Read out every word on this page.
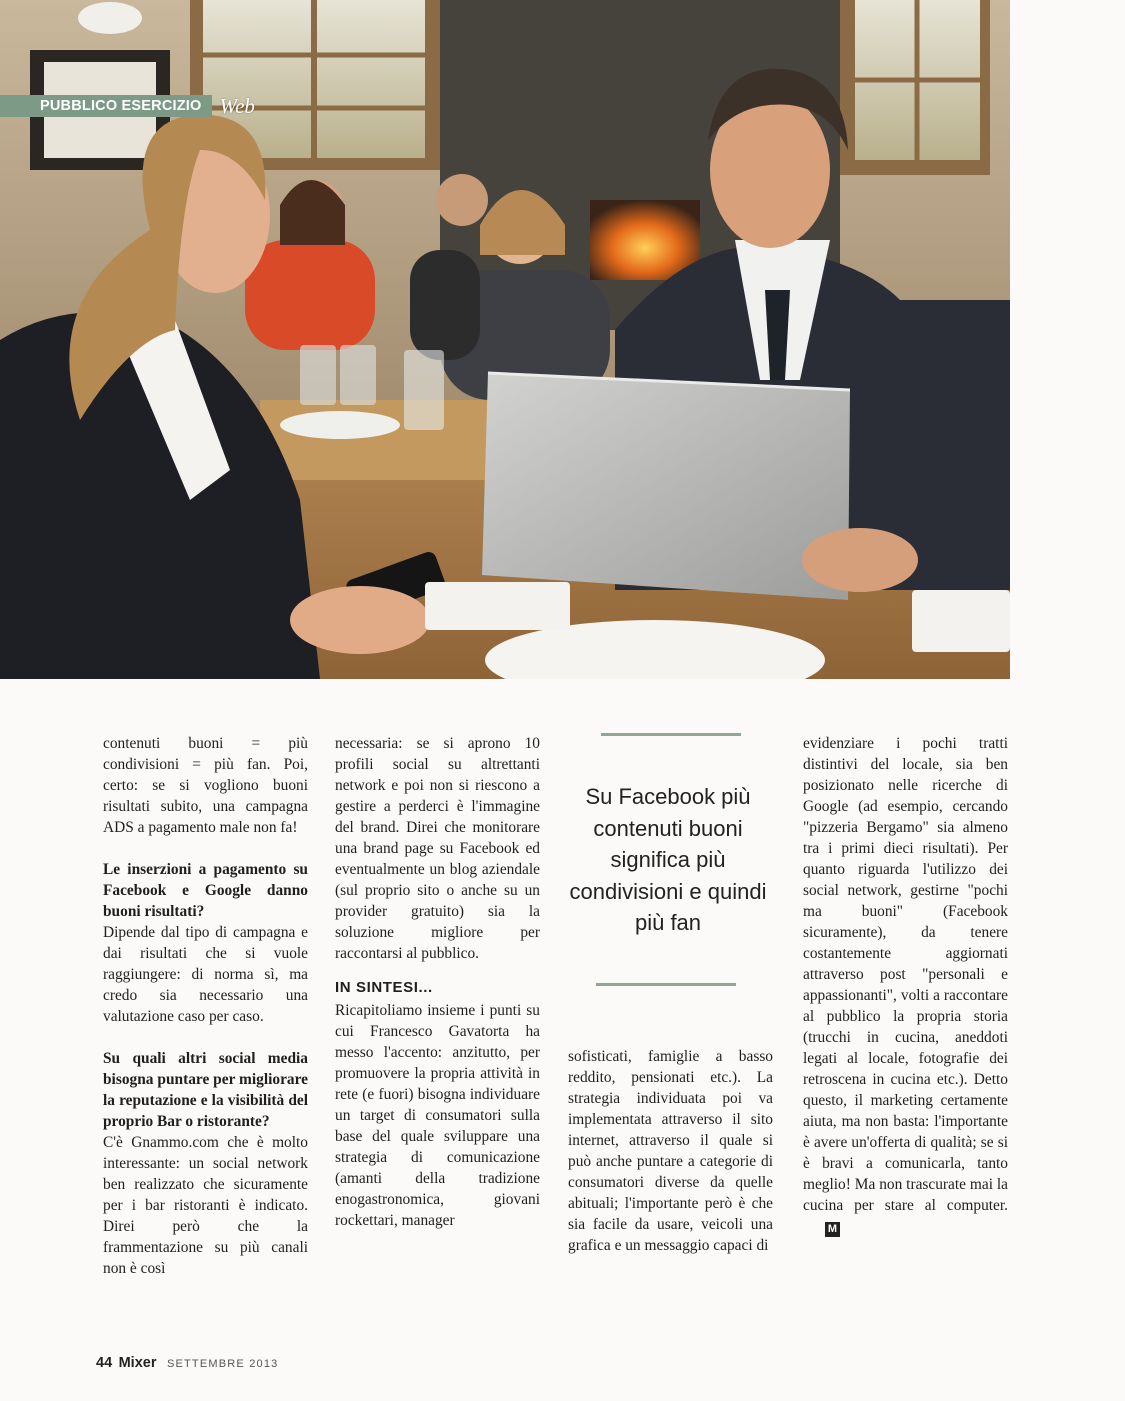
PUBBLICO ESERCIZIO Web

contenuti buoni = più condivisioni = più fan. Poi, certo: se si vogliono buoni risultati subito, una campagna ADS a pagamento male non fa!

Le inserzioni a pagamento su Facebook e Google danno buoni risultati?

Dipende dal tipo di campagna e dai risultati che si vuole raggiungere: di norma sì, ma credo sia necessario una valutazione caso per caso.

Su quali altri social media bisogna puntare per migliorare la reputazione e la visibilità del proprio Bar o ristorante?

C'è Gnammo.com che è molto interessante: un social network ben realizzato che sicuramente per i bar ristoranti è indicato. Direi però che la frammentazione su più canali non è così

necessaria: se si aprono 10 profili social su altrettanti network e poi non si riescono a gestire a perderci è l'immagine del brand. Direi che monitorare una brand page su Facebook ed eventualmente un blog aziendale (sul proprio sito o anche su un provider gratuito) sia la soluzione migliore per raccontarsi al pubblico.

IN SINTESI...

Ricapitoliamo insieme i punti su cui Francesco Gavatorta ha messo l'accento: anzitutto, per promuovere la propria attività in rete (e fuori) bisogna individuare un target di consumatori sulla base del quale sviluppare una strategia di comunicazione (amanti della tradizione enogastronomica, giovani rockettari, manager

Su Facebook più contenuti buoni significa più condivisioni e quindi più fan

sofisticati, famiglie a basso reddito, pensionati etc.). La strategia individuata poi va implementata attraverso il sito internet, attraverso il quale si può anche puntare a categorie di consumatori diverse da quelle abituali; l'importante però è che sia facile da usare, veicoli una grafica e un messaggio capaci di

evidenziare i pochi tratti distintivi del locale, sia ben posizionato nelle ricerche di Google (ad esempio, cercando "pizzeria Bergamo" sia almeno tra i primi dieci risultati). Per quanto riguarda l'utilizzo dei social network, gestirne "pochi ma buoni" (Facebook sicuramente), da tenere costantemente aggiornati attraverso post "personali e appassionanti", volti a raccontare al pubblico la propria storia (trucchi in cucina, aneddoti legati al locale, fotografie dei retroscena in cucina etc.). Detto questo, il marketing certamente aiuta, ma non basta: l'importante è avere un'offerta di qualità; se si è bravi a comunicarla, tanto meglio! Ma non trascurate mai la cucina per stare al computer.M

44 Mixer SETTEMBRE 2013
